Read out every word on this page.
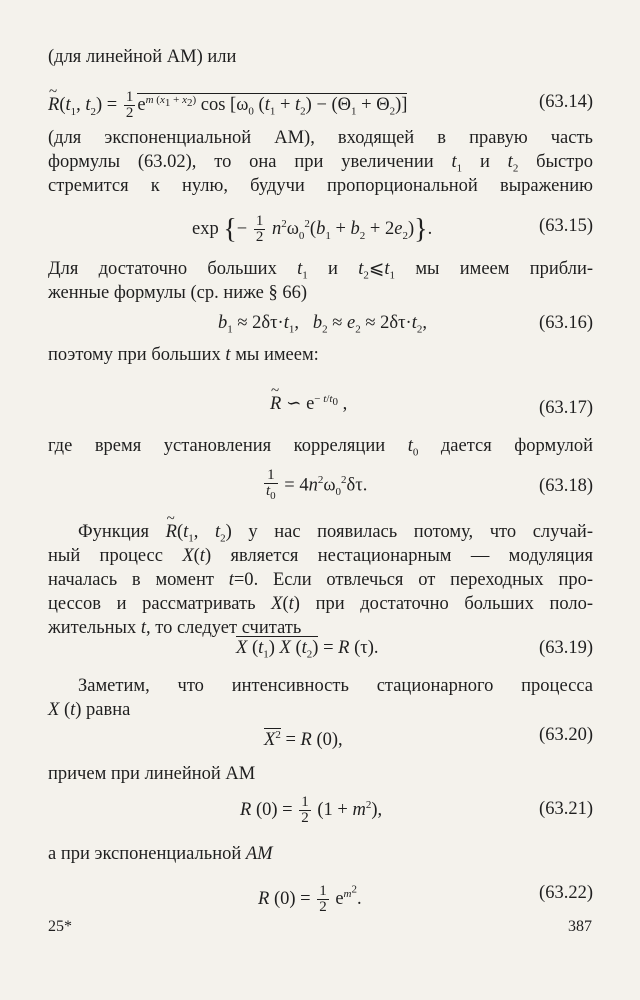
(для линейной АМ) или
~ $R(t_1$, $t_2) = \frac{1}{2} e^{m (x_1 + x_2)}$ $\cos [\omega_0$ $(t_1 + t_2) - (\Theta_1 + \Theta_2)$]	(63.14)
(для экспоненциальной АМ), входящей в правую часть
формулы (63.02), то она при увеличении $t_1$ и $t_2$ быстро
стремится к нулю, будучи пропорциональной выражению
exp {− $\frac{1}{2} n^2\omega_0^2(b_1 + b_2 + 2e_2)$}.	(63.15)
Для достаточно больших $t_1$ и $t_2⩽t_1$ мы имеем прибли-
женные формулы (ср. ниже § 66)
$b_1 \approx 2\delta\tau\cdot t_1$,   $b_2 \approx e_2 \approx 2\delta\tau\cdot t_2$,	(63.16)
поэтому при больших t мы имеем:
~ R ∽ $e^{- t/t_0}$ ,	(63.17)
где время установления корреляции $t_0$ дается формулой
$\frac{1}{t_0} = 4n^2\omega_0^2\delta\tau$.	(63.18)
Функция ~ $R(t_1$, $t_2$) у нас появилась потому, что случай-
ный процесс X(t) является нестационарным — модуляция
началась в момент t=0. Если отвлечься от переходных про-
цессов и рассматривать X(t) при достаточно больших поло-
жительных t, то следует считать
X $(t_1)$ X $(t_2) = R$ (τ).	(63.19)
Заметим, что интенсивность стационарного процесса
X (t) равна
$X^2 = R$ (0),	(63.20)
причем при линейной АМ
R $(0) = \frac{1}{2} (1 + m^2)$,	(63.21)
а при экспоненциальной АМ
R $(0) = \frac{1}{2} e^{m^2}$.	(63.22)
25*	387
